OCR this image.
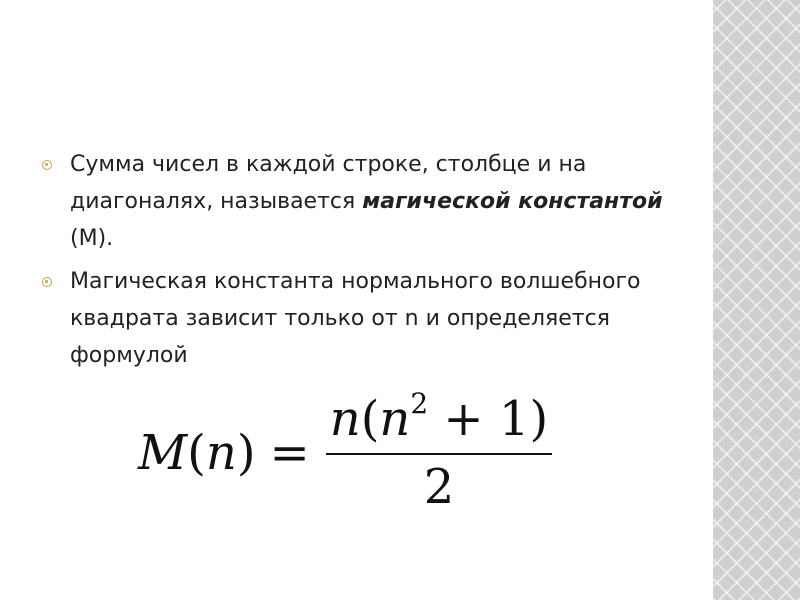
Сумма чисел в каждой строке, столбце и на диагоналях, называется магической константой (М).
Магическая константа нормального волшебного квадрата зависит только от n и определяется формулой
$M(n) = \frac{n(n^2 + 1)}{2}$
